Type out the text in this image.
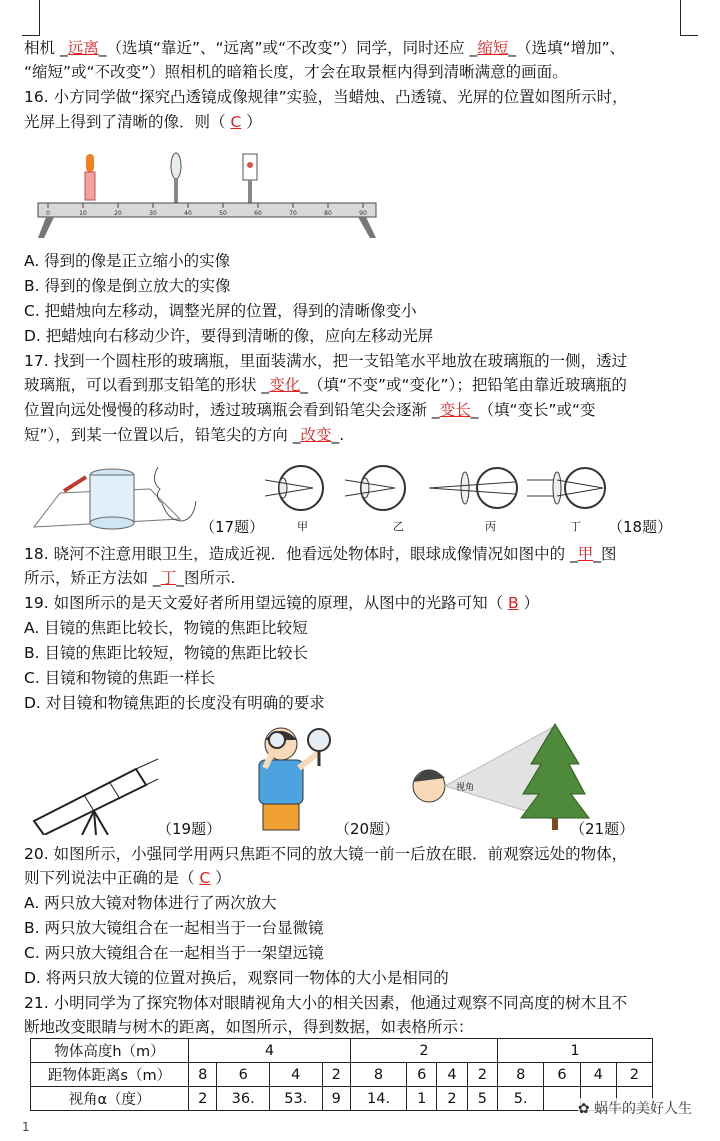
相机 _远离_（选填“靠近”、“远离”或“不改变”）同学，同时还应 _缩短_（选填“增加”、
“缩短”或“不改变”）照相机的暗箱长度，才会在取景框内得到清晰满意的画面。
16. 小方同学做“探究凸透镜成像规律”实验，当蜡烛、凸透镜、光屏的位置如图所示时，
光屏上得到了清晰的像．则（ C ）
0	10	20	30	40	50	60	70	80	90
A. 得到的像是正立缩小的实像
B. 得到的像是倒立放大的实像
C. 把蜡烛向左移动，调整光屏的位置，得到的清晰像变小
D. 把蜡烛向右移动少许，要得到清晰的像，应向左移动光屏
17. 找到一个圆柱形的玻璃瓶，里面装满水，把一支铅笔水平地放在玻璃瓶的一侧，透过
玻璃瓶，可以看到那支铅笔的形状 _变化_（填“不变”或“变化”）；把铅笔由靠近玻璃瓶的
位置向远处慢慢的移动时，透过玻璃瓶会看到铅笔尖会逐渐 _变长_（填“变长”或“变
短”），到某一位置以后，铅笔尖的方向 _改变_.
（17题）	甲	乙	丙	丁 （18题）
18. 晓河不注意用眼卫生，造成近视．他看远处物体时，眼球成像情况如图中的 _甲_图
所示，矫正方法如 _丁_图所示.
19. 如图所示的是天文爱好者所用望远镜的原理，从图中的光路可知（ B ）
A. 目镜的焦距比较长，物镜的焦距比较短
B. 目镜的焦距比较短，物镜的焦距比较长
C. 目镜和物镜的焦距一样长
D. 对目镜和物镜焦距的长度没有明确的要求
（19题）	（20题）
视角
（21题）
20. 如图所示，小强同学用两只焦距不同的放大镜一前一后放在眼．前观察远处的物体，
则下列说法中正确的是（ C ）
A. 两只放大镜对物体进行了两次放大
B. 两只放大镜组合在一起相当于一台显微镜
C. 两只放大镜组合在一起相当于一架望远镜
D. 将两只放大镜的位置对换后，观察同一物体的大小是相同的
21. 小明同学为了探究物体对眼睛视角大小的相关因素，他通过观察不同高度的树木且不
断地改变眼睛与树木的距离，如图所示，得到数据，如表格所示：
物体高度h（m）	4				2				1			
距物体距离s（m）	8	6	4	2	8	6	4	2	8	6	4	2
视角α（度）	2	36.	53.	9	14.	1	2	5	5.			
✿ 蜗牛的美好人生
1
